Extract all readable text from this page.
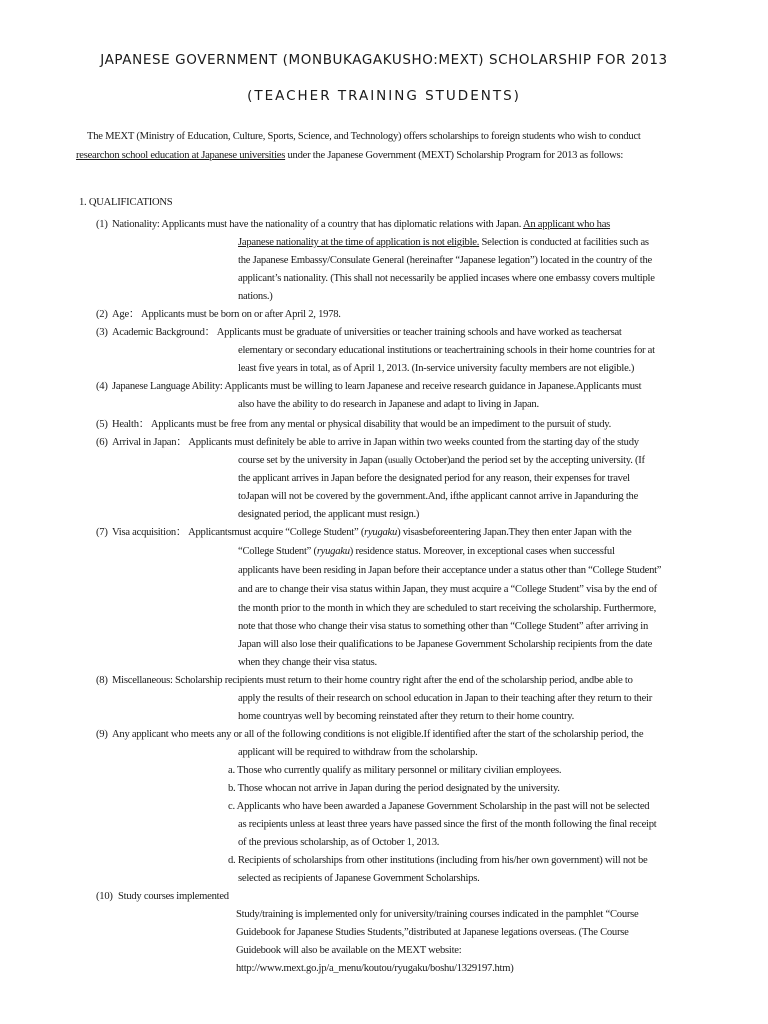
JAPANESE GOVERNMENT (MONBUKAGAKUSHO:MEXT) SCHOLARSHIP FOR 2013
(TEACHER TRAINING STUDENTS)
The MEXT (Ministry of Education, Culture, Sports, Science, and Technology) offers scholarships to foreign students who wish to conduct
researchon school education at Japanese universities under the Japanese Government (MEXT) Scholarship Program for 2013 as follows:
1. QUALIFICATIONS
(1) Nationality: Applicants must have the nationality of a country that has diplomatic relations with Japan. An applicant who has
Japanese nationality at the time of application is not eligible. Selection is conducted at facilities such as
the Japanese Embassy/Consulate General (hereinafter “Japanese legation”) located in the country of the
applicant’s nationality. (This shall not necessarily be applied incases where one embassy covers multiple
nations.)
(2) Age： Applicants must be born on or after April 2, 1978.
(3) Academic Background： Applicants must be graduate of universities or teacher training schools and have worked as teachersat
elementary or secondary educational institutions or teachertraining schools in their home countries for at
least five years in total, as of April 1, 2013. (In-service university faculty members are not eligible.)
(4) Japanese Language Ability: Applicants must be willing to learn Japanese and receive research guidance in Japanese.Applicants must
also have the ability to do research in Japanese and adapt to living in Japan.
(5) Health： Applicants must be free from any mental or physical disability that would be an impediment to the pursuit of study.
(6) Arrival in Japan： Applicants must definitely be able to arrive in Japan within two weeks counted from the starting day of the study
course set by the university in Japan (usually October)and the period set by the accepting university. (If
the applicant arrives in Japan before the designated period for any reason, their expenses for travel
toJapan will not be covered by the government.And, ifthe applicant cannot arrive in Japanduring the
designated period, the applicant must resign.)
(7) Visa acquisition： Applicantsmust acquire “College Student” (ryugaku) visasbeforeentering Japan.They then enter Japan with the
“College Student” (ryugaku) residence status. Moreover, in exceptional cases when successful
applicants have been residing in Japan before their acceptance under a status other than “College Student”
and are to change their visa status within Japan, they must acquire a “College Student” visa by the end of
the month prior to the month in which they are scheduled to start receiving the scholarship. Furthermore,
note that those who change their visa status to something other than “College Student” after arriving in
Japan will also lose their qualifications to be Japanese Government Scholarship recipients from the date
when they change their visa status.
(8) Miscellaneous: Scholarship recipients must return to their home country right after the end of the scholarship period, andbe able to
apply the results of their research on school education in Japan to their teaching after they return to their
home countryas well by becoming reinstated after they return to their home country.
(9) Any applicant who meets any or all of the following conditions is not eligible.If identified after the start of the scholarship period, the
applicant will be required to withdraw from the scholarship.
a. Those who currently qualify as military personnel or military civilian employees.
b. Those whocan not arrive in Japan during the period designated by the university.
c. Applicants who have been awarded a Japanese Government Scholarship in the past will not be selected
as recipients unless at least three years have passed since the first of the month following the final receipt
of the previous scholarship, as of October 1, 2013.
d. Recipients of scholarships from other institutions (including from his/her own government) will not be
selected as recipients of Japanese Government Scholarships.
(10) Study courses implemented
Study/training is implemented only for university/training courses indicated in the pamphlet “Course
Guidebook for Japanese Studies Students,”distributed at Japanese legations overseas. (The Course
Guidebook will also be available on the MEXT website:
http://www.mext.go.jp/a_menu/koutou/ryugaku/boshu/1329197.htm)
